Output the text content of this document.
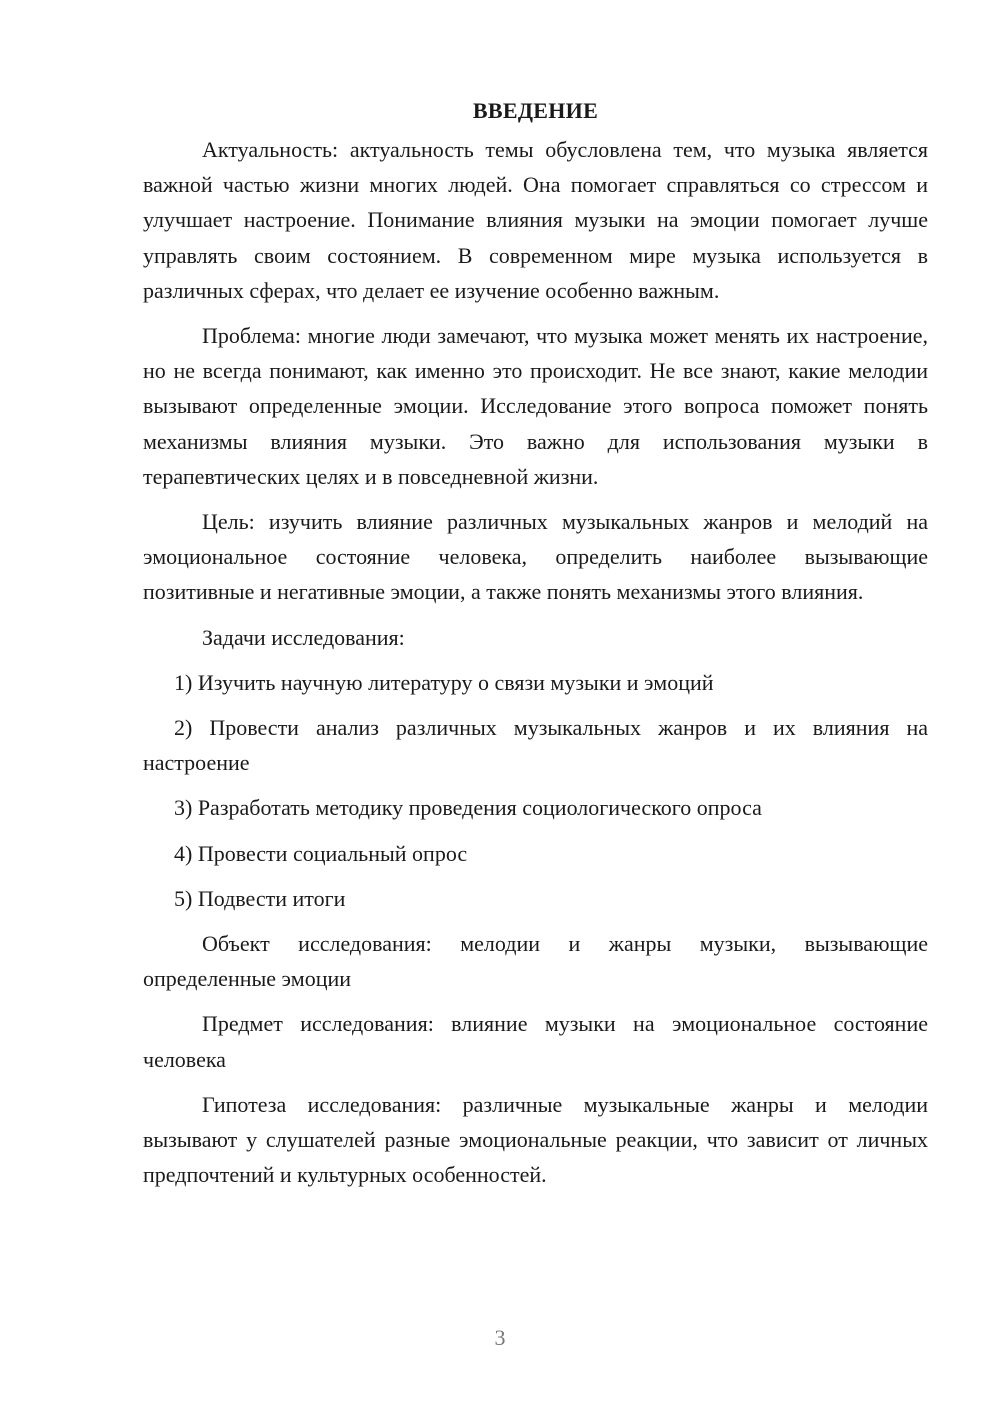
ВВЕДЕНИЕ

Актуальность: актуальность темы обусловлена тем, что музыка является важной частью жизни многих людей. Она помогает справляться со стрессом и улучшает настроение. Понимание влияния музыки на эмоции помогает лучше управлять своим состоянием. В современном мире музыка используется в различных сферах, что делает ее изучение особенно важным.

Проблема: многие люди замечают, что музыка может менять их настроение, но не всегда понимают, как именно это происходит. Не все знают, какие мелодии вызывают определенные эмоции. Исследование этого вопроса поможет понять механизмы влияния музыки. Это важно для использования музыки в терапевтических целях и в повседневной жизни.

Цель: изучить влияние различных музыкальных жанров и мелодий на эмоциональное состояние человека, определить наиболее вызывающие позитивные и негативные эмоции, а также понять механизмы этого влияния.

Задачи исследования:

1) Изучить научную литературу о связи музыки и эмоций

2) Провести анализ различных музыкальных жанров и их влияния на настроение

3) Разработать методику проведения социологического опроса

4) Провести социальный опрос

5) Подвести итоги

Объект исследования: мелодии и жанры музыки, вызывающие определенные эмоции

Предмет исследования: влияние музыки на эмоциональное состояние человека

Гипотеза исследования: различные музыкальные жанры и мелодии вызывают у слушателей разные эмоциональные реакции, что зависит от личных предпочтений и культурных особенностей.

3
